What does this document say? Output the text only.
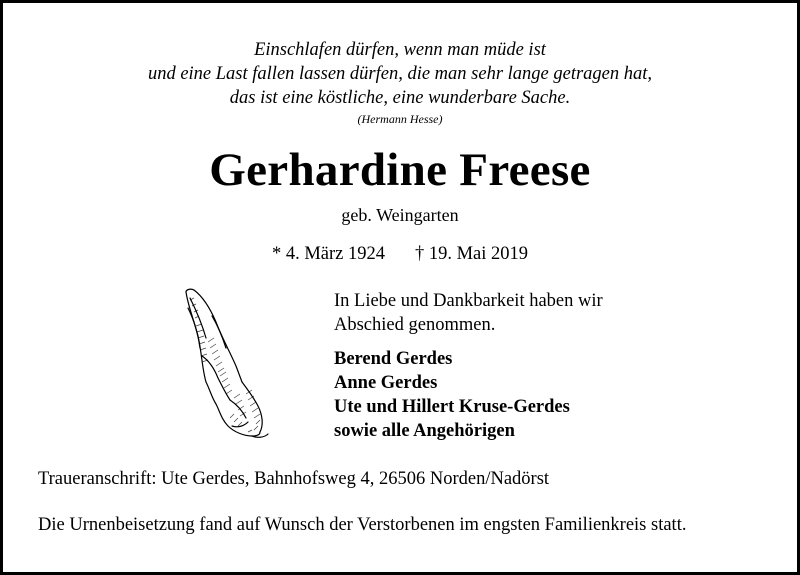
Einschlafen dürfen, wenn man müde ist
und eine Last fallen lassen dürfen, die man sehr lange getragen hat,
das ist eine köstliche, eine wunderbare Sache.
(Hermann Hesse)
Gerhardine Freese
geb. Weingarten
* 4. März 1924 † 19. Mai 2019
In Liebe und Dankbarkeit haben wir
Abschied genommen.
Berend Gerdes
Anne Gerdes
Ute und Hillert Kruse-Gerdes
sowie alle Angehörigen
Traueranschrift: Ute Gerdes, Bahnhofsweg 4, 26506 Norden/Nadörst
Die Urnenbeisetzung fand auf Wunsch der Verstorbenen im engsten Familienkreis statt.
